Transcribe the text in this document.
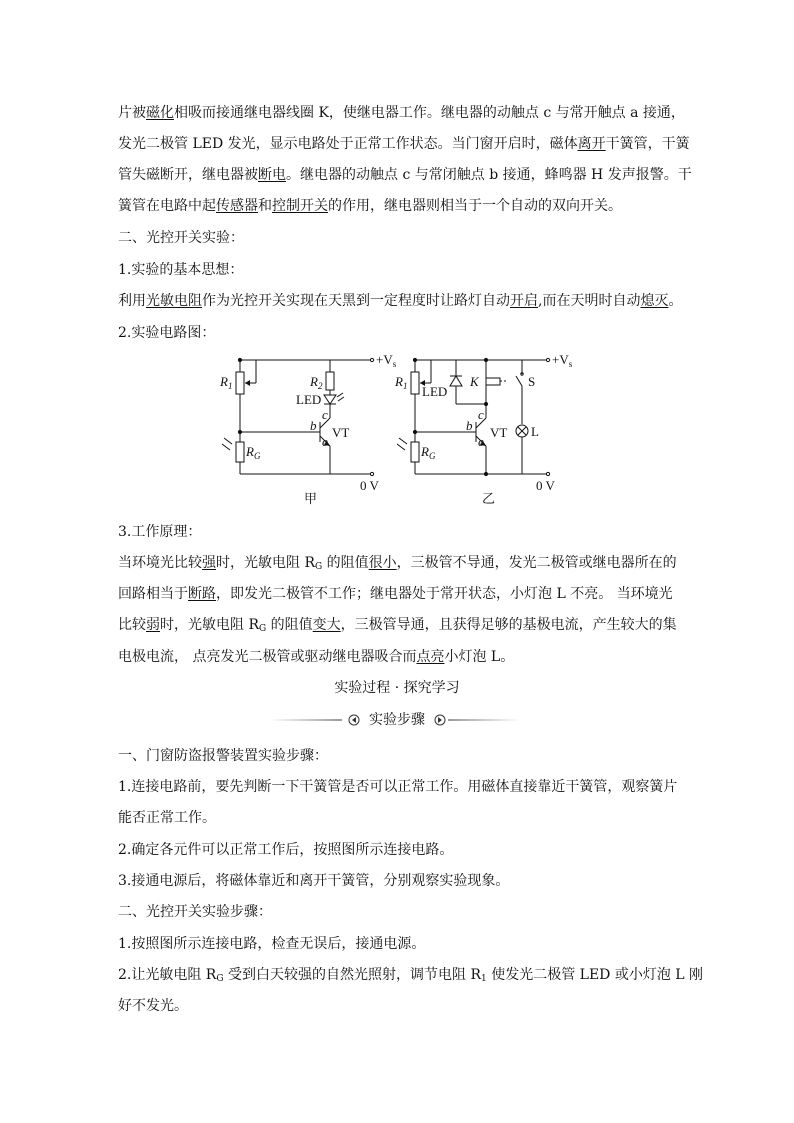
片被磁化相吸而接通继电器线圈 K，使继电器工作。继电器的动触点 c 与常开触点 a 接通，
发光二极管 LED 发光，显示电路处于正常工作状态。当门窗开启时，磁体离开干簧管，干簧
管失磁断开，继电器被断电。继电器的动触点 c 与常闭触点 b 接通，蜂鸣器 H 发声报警。干
簧管在电路中起传感器和控制开关的作用，继电器则相当于一个自动的双向开关。
二、光控开关实验：
1.实验的基本思想：
利用光敏电阻作为光控开关实现在天黑到一定程度时让路灯自动开启,而在天明时自动熄灭。
2.实验电路图：
$+V_s$
$R_1$	$R_2$
LED
b
c
e
VT
$R_G$
0 V
甲
$+V_s$
$R_1$ LED
K	S
L
b
c
e
VT
$R_G$
0 V
乙
3.工作原理：
当环境光比较强时，光敏电阻 $R_G$ 的阻值很小，三极管不导通，发光二极管或继电器所在的
回路相当于断路，即发光二极管不工作；继电器处于常开状态，小灯泡 L 不亮。 当环境光
比较弱时，光敏电阻 $R_G$ 的阻值变大，三极管导通，且获得足够的基极电流，产生较大的集
电极电流， 点亮发光二极管或驱动继电器吸合而点亮小灯泡 L。
实验过程 · 探究学习
实验步骤
一、门窗防盗报警装置实验步骤：
1.连接电路前，要先判断一下干簧管是否可以正常工作。用磁体直接靠近干簧管，观察簧片
能否正常工作。
2.确定各元件可以正常工作后，按照图所示连接电路。
3.接通电源后，将磁体靠近和离开干簧管，分别观察实验现象。
二、光控开关实验步骤：
1.按照图所示连接电路，检查无误后，接通电源。
2.让光敏电阻 $R_G$ 受到白天较强的自然光照射，调节电阻 $R_1$ 使发光二极管 LED 或小灯泡 L 刚
好不发光。
